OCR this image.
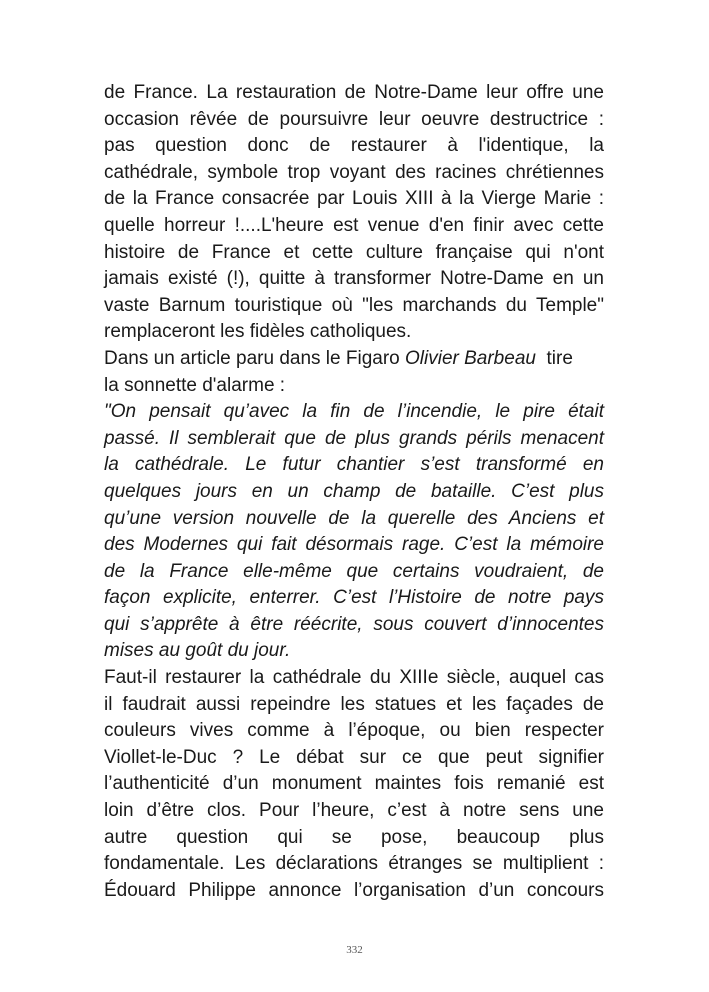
de France. La restauration de Notre-Dame leur offre une
occasion rêvée de poursuivre leur oeuvre destructrice :
pas question donc de restaurer à l'identique, la
cathédrale, symbole trop voyant des racines chrétiennes
de la France consacrée par Louis XIII à la Vierge Marie :
quelle horreur !....L'heure est venue d'en finir avec cette
histoire de France et cette culture française qui n'ont
jamais existé (!), quitte à transformer Notre-Dame en un
vaste Barnum touristique où "les marchands du Temple"
remplaceront les fidèles catholiques.
Dans un article paru dans le Figaro Olivier Barbeau  tire
la sonnette d'alarme :
"On pensait qu’avec la fin de l’incendie, le pire était
passé. Il semblerait que de plus grands périls menacent
la cathédrale. Le futur chantier s’est transformé en
quelques jours en un champ de bataille. C’est plus
qu’une version nouvelle de la querelle des Anciens et
des Modernes qui fait désormais rage. C’est la mémoire
de la France elle-même que certains voudraient, de
façon explicite, enterrer. C’est l’Histoire de notre pays
qui s’apprête à être réécrite, sous couvert d’innocentes
mises au goût du jour.
Faut-il restaurer la cathédrale du XIIIe siècle, auquel cas
il faudrait aussi repeindre les statues et les façades de
couleurs vives comme à l’époque, ou bien respecter
Viollet-le-Duc ? Le débat sur ce que peut signifier
l’authenticité d’un monument maintes fois remanié est
loin d’être clos. Pour l’heure, c’est à notre sens une
autre question qui se pose, beaucoup plus
fondamentale. Les déclarations étranges se multiplient :
Édouard Philippe annonce l’organisation d’un concours
332
